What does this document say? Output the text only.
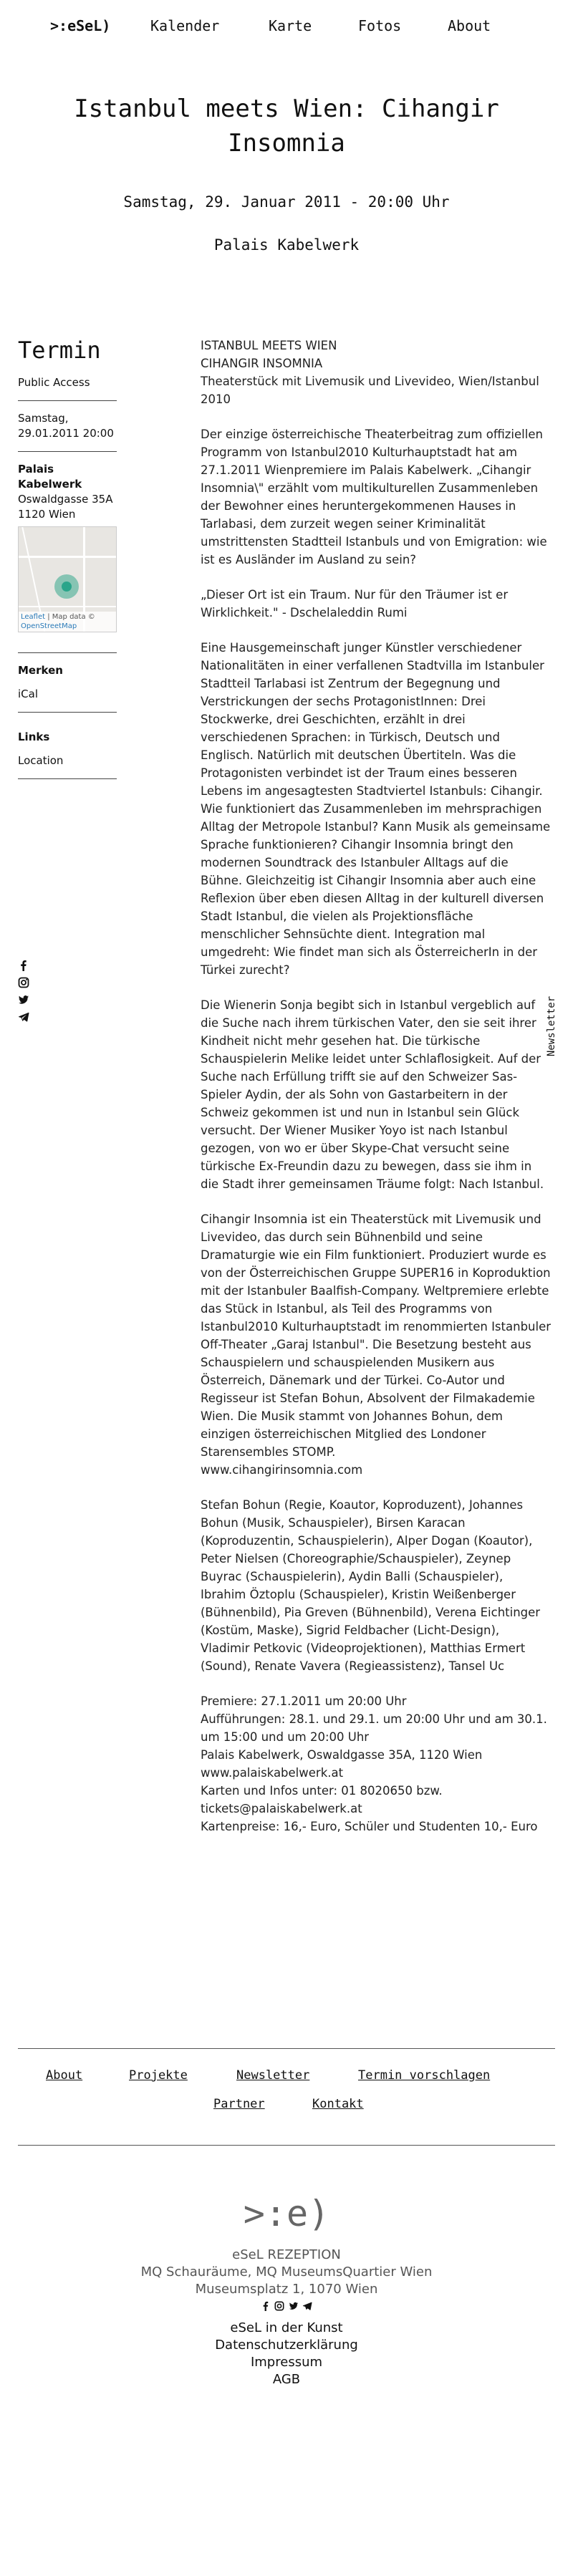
>:eSeL)	Kalender	Karte	Fotos	About
Istanbul meets Wien: Cihangir Insomnia
Samstag, 29. Januar 2011 - 20:00 Uhr
Palais Kabelwerk
Termin
Public Access
Samstag,
29.01.2011 20:00
Palais Kabelwerk
Oswaldgasse 35A
1120 Wien
Leaflet | Map data ©
OpenStreetMap
Merken
iCal
Links
Location
Newsletter

ISTANBUL MEETS WIEN
CIHANGIR INSOMNIA
Theaterstück mit Livemusik und Livevideo, Wien/Istanbul 2010

Der einzige österreichische Theaterbeitrag zum offiziellen Programm von Istanbul2010 Kulturhauptstadt hat am 27.1.2011 Wienpremiere im Palais Kabelwerk. „Cihangir Insomnia\" erzählt vom multikulturellen Zusammenleben der Bewohner eines heruntergekommenen Hauses in Tarlabasi, dem zurzeit wegen seiner Kriminalität umstrittensten Stadtteil Istanbuls und von Emigration: wie ist es Ausländer im Ausland zu sein?

„Dieser Ort ist ein Traum. Nur für den Träumer ist er Wirklichkeit." - Dschelaleddin Rumi

Eine Hausgemeinschaft junger Künstler verschiedener Nationalitäten in einer verfallenen Stadtvilla im Istanbuler Stadtteil Tarlabasi ist Zentrum der Begegnung und Verstrickungen der sechs ProtagonistInnen: Drei Stockwerke, drei Geschichten, erzählt in drei verschiedenen Sprachen: in Türkisch, Deutsch und Englisch. Natürlich mit deutschen Übertiteln. Was die Protagonisten verbindet ist der Traum eines besseren Lebens im angesagtesten Stadtviertel Istanbuls: Cihangir. Wie funktioniert das Zusammenleben im mehrsprachigen Alltag der Metropole Istanbul? Kann Musik als gemeinsame Sprache funktionieren? Cihangir Insomnia bringt den modernen Soundtrack des Istanbuler Alltags auf die Bühne. Gleichzeitig ist Cihangir Insomnia aber auch eine Reflexion über eben diesen Alltag in der kulturell diversen Stadt Istanbul, die vielen als Projektionsfläche menschlicher Sehnsüchte dient. Integration mal umgedreht: Wie findet man sich als ÖsterreicherIn in der Türkei zurecht?

Die Wienerin Sonja begibt sich in Istanbul vergeblich auf die Suche nach ihrem türkischen Vater, den sie seit ihrer Kindheit nicht mehr gesehen hat. Die türkische Schauspielerin Melike leidet unter Schlaflosigkeit. Auf der Suche nach Erfüllung trifft sie auf den Schweizer Sas-Spieler Aydin, der als Sohn von Gastarbeitern in der Schweiz gekommen ist und nun in Istanbul sein Glück versucht. Der Wiener Musiker Yoyo ist nach Istanbul gezogen, von wo er über Skype-Chat versucht seine türkische Ex-Freundin dazu zu bewegen, dass sie ihm in die Stadt ihrer gemeinsamen Träume folgt: Nach Istanbul.

Cihangir Insomnia ist ein Theaterstück mit Livemusik und Livevideo, das durch sein Bühnenbild und seine Dramaturgie wie ein Film funktioniert. Produziert wurde es von der Österreichischen Gruppe SUPER16 in Koproduktion mit der Istanbuler Baalfish-Company. Weltpremiere erlebte das Stück in Istanbul, als Teil des Programms von Istanbul2010 Kulturhauptstadt im renommierten Istanbuler Off-Theater „Garaj Istanbul". Die Besetzung besteht aus Schauspielern und schauspielenden Musikern aus Österreich, Dänemark und der Türkei. Co-Autor und Regisseur ist Stefan Bohun, Absolvent der Filmakademie Wien. Die Musik stammt von Johannes Bohun, dem einzigen österreichischen Mitglied des Londoner Starensembles STOMP.
www.cihangirinsomnia.com

Stefan Bohun (Regie, Koautor, Koproduzent), Johannes Bohun (Musik, Schauspieler), Birsen Karacan (Koproduzentin, Schauspielerin), Alper Dogan (Koautor), Peter Nielsen (Choreographie/Schauspieler), Zeynep Buyrac (Schauspielerin), Aydin Balli (Schauspieler), Ibrahim Öztoplu (Schauspieler), Kristin Weißenberger (Bühnenbild), Pia Greven (Bühnenbild), Verena Eichtinger (Kostüm, Maske), Sigrid Feldbacher (Licht-Design), Vladimir Petkovic (Videoprojektionen), Matthias Ermert (Sound), Renate Vavera (Regieassistenz), Tansel Uc

Premiere: 27.1.2011 um 20:00 Uhr
Aufführungen: 28.1. und 29.1. um 20:00 Uhr und am 30.1. um 15:00 und um 20:00 Uhr
Palais Kabelwerk, Oswaldgasse 35A, 1120 Wien
www.palaiskabelwerk.at
Karten und Infos unter: 01 8020650 bzw.
tickets@palaiskabelwerk.at
Kartenpreise: 16,- Euro, Schüler und Studenten 10,- Euro

About	Projekte	Newsletter	Termin vorschlagen
Partner	Kontakt
>:e)
eSeL REZEPTION
MQ Schauräume, MQ MuseumsQuartier Wien
Museumsplatz 1, 1070 Wien

eSeL in der Kunst
Datenschutzerklärung
Impressum
AGB
